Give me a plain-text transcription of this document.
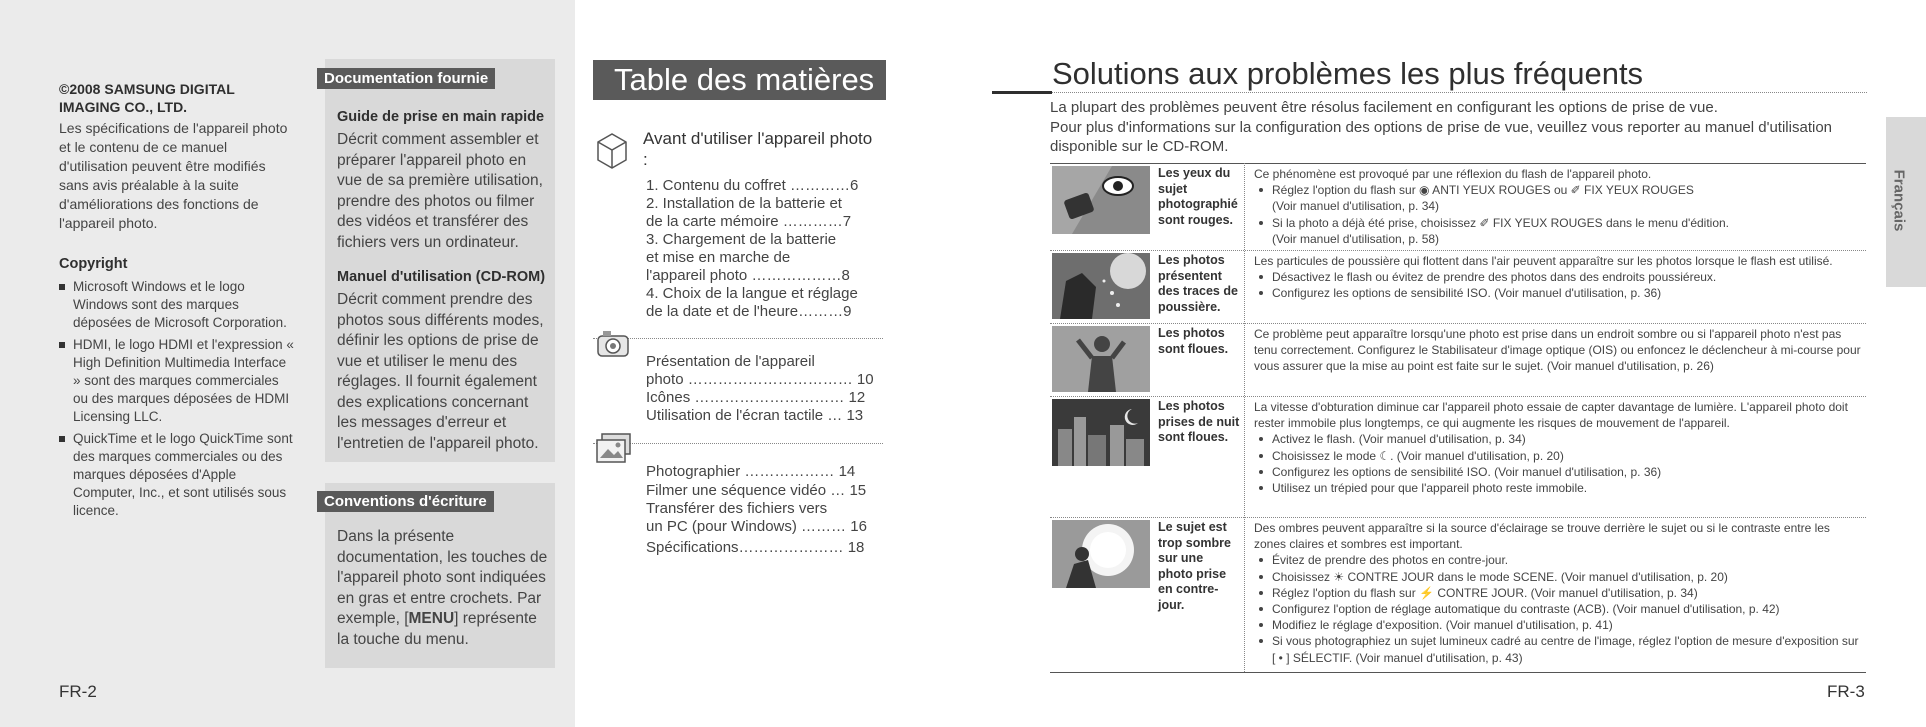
©2008 SAMSUNG DIGITAL IMAGING CO., LTD.
Les spécifications de l'appareil photo et le contenu de ce manuel d'utilisation peuvent être modifiés sans avis préalable à la suite d'améliorations des fonctions de l'appareil photo.
Copyright
Microsoft Windows et le logo Windows sont des marques déposées de Microsoft Corporation.
HDMI, le logo HDMI et l'expression « High Definition Multimedia Interface » sont des marques commerciales ou des marques déposées de HDMI Licensing LLC.
QuickTime et le logo QuickTime sont des marques commerciales ou des marques déposées d'Apple Computer, Inc., et sont utilisés sous licence.
Documentation fournie
Guide de prise en main rapide
Décrit comment assembler et préparer l'appareil photo en vue de sa première utilisation, prendre des photos ou filmer des vidéos et transférer des fichiers vers un ordinateur.
Manuel d'utilisation (CD-ROM)
Décrit comment prendre des photos sous différents modes, définir les options de prise de vue et utiliser le menu des réglages. Il fournit également des explications concernant les messages d'erreur et l'entretien de l'appareil photo.
Conventions d'écriture
Dans la présente documentation, les touches de l'appareil photo sont indiquées en gras et entre crochets. Par exemple, [MENU] représente la touche du menu.
FR-2
Table des matières
Avant d'utiliser l'appareil photo :
1. Contenu du coffret …………6
2. Installation de la batterie et
de la carte mémoire …………7
3. Chargement de la batterie
et mise en marche de
l'appareil photo ………………8
4. Choix de la langue et réglage
de la date et de l'heure………9
Présentation de l'appareil
photo …………………………… 10
Icônes ………………………… 12
Utilisation de l'écran tactile … 13
Photographier ……………… 14
Filmer une séquence vidéo … 15
Transférer des fichiers vers
un PC (pour Windows) ……… 16
Spécifications………………… 18
Solutions aux problèmes les plus fréquents
La plupart des problèmes peuvent être résolus facilement en configurant les options de prise de vue.
Pour plus d'informations sur la configuration des options de prise de vue, veuillez vous reporter au manuel d'utilisation disponible sur le CD-ROM.
Français
Les yeux du sujet photographié sont rouges.
Ce phénomène est provoqué par une réflexion du flash de l'appareil photo.
Réglez l'option du flash sur ◉ ANTI YEUX ROUGES ou ✐ FIX YEUX ROUGES
(Voir manuel d'utilisation, p. 34)
Si la photo a déjà été prise, choisissez ✐ FIX YEUX ROUGES dans le menu d'édition.
(Voir manuel d'utilisation, p. 58)
Les photos présentent des traces de poussière.
Les particules de poussière qui flottent dans l'air peuvent apparaître sur les photos lorsque le flash est utilisé.
Désactivez le flash ou évitez de prendre des photos dans des endroits poussiéreux.
Configurez les options de sensibilité ISO. (Voir manuel d'utilisation, p. 36)
Les photos sont floues.
Ce problème peut apparaître lorsqu'une photo est prise dans un endroit sombre ou si l'appareil photo n'est pas tenu correctement. Configurez le Stabilisateur d'image optique (OIS) ou enfoncez le déclencheur à mi-course pour vous assurer que la mise au point est faite sur le sujet. (Voir manuel d'utilisation, p. 26)
Les photos prises de nuit sont floues.
La vitesse d'obturation diminue car l'appareil photo essaie de capter davantage de lumière. L'appareil photo doit rester immobile plus longtemps, ce qui augmente les risques de mouvement de l'appareil.
Activez le flash. (Voir manuel d'utilisation, p. 34)
Choisissez le mode ☾. (Voir manuel d'utilisation, p. 20)
Configurez les options de sensibilité ISO. (Voir manuel d'utilisation, p. 36)
Utilisez un trépied pour que l'appareil photo reste immobile.
Le sujet est trop sombre sur une photo prise en contre-jour.
Des ombres peuvent apparaître si la source d'éclairage se trouve derrière le sujet ou si le contraste entre les zones claires et sombres est important.
Évitez de prendre des photos en contre-jour.
Choisissez ☀ CONTRE JOUR dans le mode SCENE. (Voir manuel d'utilisation, p. 20)
Réglez l'option du flash sur ⚡ CONTRE JOUR. (Voir manuel d'utilisation, p. 34)
Configurez l'option de réglage automatique du contraste (ACB). (Voir manuel d'utilisation, p. 42)
Modifiez le réglage d'exposition. (Voir manuel d'utilisation, p. 41)
Si vous photographiez un sujet lumineux cadré au centre de l'image, réglez l'option de mesure d'exposition sur [ • ] SÉLECTIF. (Voir manuel d'utilisation, p. 43)
FR-3
